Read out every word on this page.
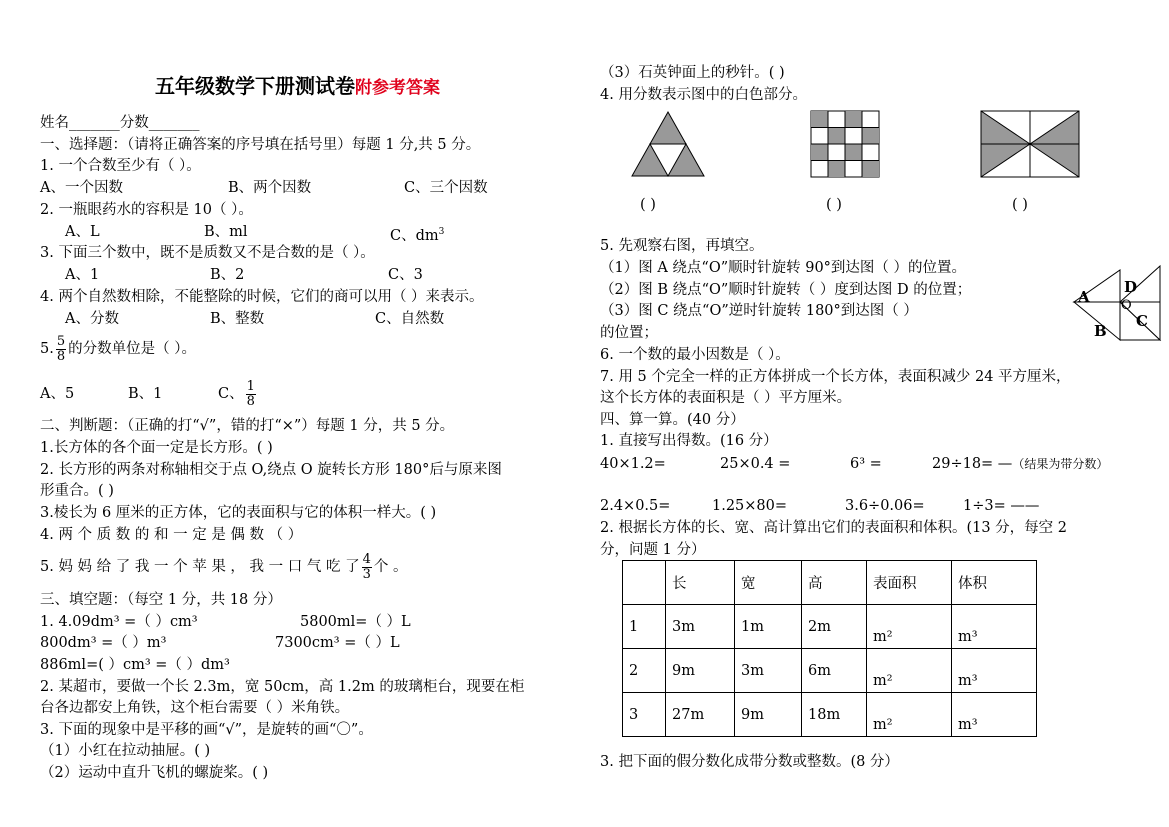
五年级数学下册测试卷附参考答案
姓名_______分数_______
一、选择题：（请将正确答案的序号填在括号里）每题 1 分,共 5 分。
1. 一个合数至少有（ ）。
A、一个因数	B、两个因数	C、三个因数
2. 一瓶眼药水的容积是 10（ ）。
A、L	B、ml	C、$dm^3$
3. 下面三个数中，既不是质数又不是合数的是（ ）。
A、1	B、2	C、3
4. 两个自然数相除，不能整除的时候，它们的商可以用（ ）来表示。
A、分数	B、整数	C、自然数
5. $\frac{5}{8}$ 的分数单位是（ ）。
A、5	B、1	C、 $\frac{1}{8}$
二、判断题：（正确的打“√”，错的打“×”）每题 1 分，共 5 分。
1.长方体的各个面一定是长方形。( )
2. 长方形的两条对称轴相交于点 O,绕点 O 旋转长方形 180°后与原来图
形重合。( )
3.棱长为 6 厘米的正方体，它的表面积与它的体积一样大。( )
4. 两 个 质 数 的 和 一 定 是 偶 数 （ ）
5. 妈 妈 给 了 我 一 个 苹 果 ， 我 一 口 气 吃 了 $\frac{4}{3}$ 个 。
三、填空题：（每空 1 分，共 18 分）
1. 4.09dm³ =（ ）cm³	5800ml=（ ）L
800dm³ =（ ）m³	7300cm³ =（ ）L
886ml=( ）cm³ =（ ）dm³
2. 某超市，要做一个长 2.3m，宽 50cm，高 1.2m 的玻璃柜台，现要在柜
台各边都安上角铁，这个柜台需要（ ）米角铁。
3. 下面的现象中是平移的画“√”，是旋转的画“〇”。
（1）小红在拉动抽屉。( )
（2）运动中直升飞机的螺旋桨。( )
（3）石英钟面上的秒针。( )
4. 用分数表示图中的白色部分。
( )	( )	( )
5. 先观察右图，再填空。
（1）图 A 绕点“O”顺时针旋转 90°到达图（ ）的位置。
（2）图 B 绕点“O”顺时针旋转（ ）度到达图 D 的位置；
（3）图 C 绕点“O”逆时针旋转 180°到达图（ ）
的位置；
A
D
O
B
C
6. 一个数的最小因数是（ ）。
7. 用 5 个完全一样的正方体拼成一个长方体，表面积减少 24 平方厘米，
这个长方体的表面积是（ ）平方厘米。
四、算一算。(40 分）
1. 直接写出得数。(16 分）
40×1.2=	25×0.4 =	6³ =	29÷18= —（结果为带分数）
2.4×0.5=	1.25×80=	3.6÷0.06=	1÷3= ——
2. 根据长方体的长、宽、高计算出它们的表面积和体积。(13 分，每空 2
分，问题 1 分）
	长	宽	高	表面积	体积
1	3m	1m	2m	m²	m³
2	9m	3m	6m	m²	m³
3	27m	9m	18m	m²	m³
3. 把下面的假分数化成带分数或整数。(8 分）
